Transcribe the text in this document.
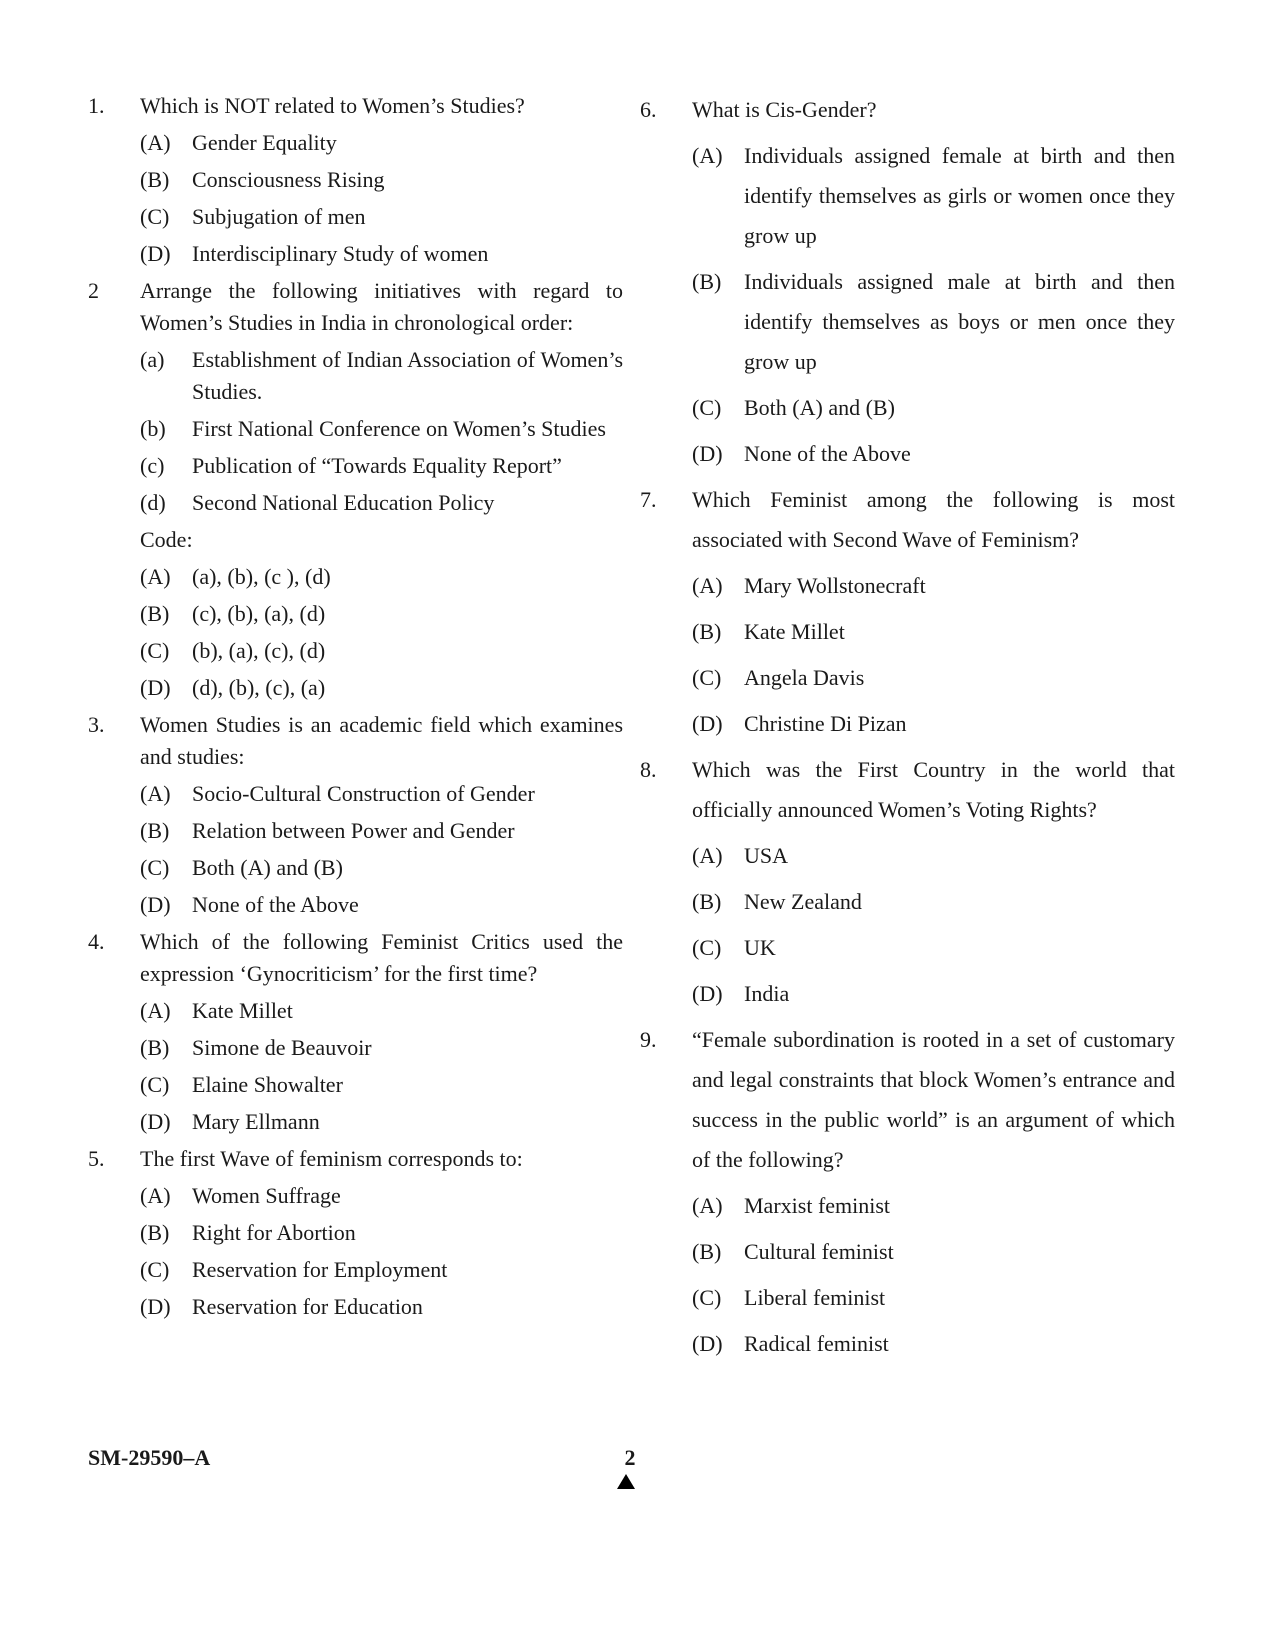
1.	Which is NOT related to Women’s Studies?
(A) Gender Equality
(B)	Consciousness Rising
(C)	Subjugation of men
(D) Interdisciplinary Study of women
2	Arrange the following initiatives with regard to Women’s Studies in India in chronological order:
(a)	Establishment of Indian Association of Women’s Studies.
(b)	First National Conference on Women’s Studies
(c)	Publication of “Towards Equality Report”
(d)	Second National Education Policy
Code:
(A) (a), (b), (c ), (d)
(B)	(c), (b), (a), (d)
(C)	(b), (a), (c), (d)
(D) (d), (b), (c), (a)
3.	Women Studies is an academic field which examines and studies:
(A) Socio-Cultural Construction of Gender
(B)	Relation between Power and Gender
(C)	Both (A) and (B)
(D) None of the Above
4.	Which of the following Feminist Critics used the expression ‘Gynocriticism’ for the first time?
(A) Kate Millet
(B)	Simone de Beauvoir
(C)	Elaine Showalter
(D) Mary Ellmann
5.	The first Wave of feminism corresponds to:
(A) Women Suffrage
(B)	Right for Abortion
(C)	Reservation for Employment
(D) Reservation for Education
6.	What is Cis-Gender?
(A) Individuals assigned female at birth and then identify themselves as girls or women once they grow up
(B)	Individuals assigned male at birth and then identify themselves as boys or men once they grow up
(C)	Both (A) and (B)
(D) None of the Above
7.	Which Feminist among the following is most associated with Second Wave of Feminism?
(A) Mary Wollstonecraft
(B)	Kate Millet
(C)	Angela Davis
(D) Christine Di Pizan
8.	Which was the First Country in the world that officially announced Women’s Voting Rights?
(A) USA
(B)	New Zealand
(C)	UK
(D) India
9.	“Female subordination is rooted in a set of customary and legal constraints that block Women’s entrance and success in the public world” is an argument of which of the following?
(A) Marxist feminist
(B)	Cultural feminist
(C)	Liberal feminist
(D) Radical feminist
SM-29590–A	2
